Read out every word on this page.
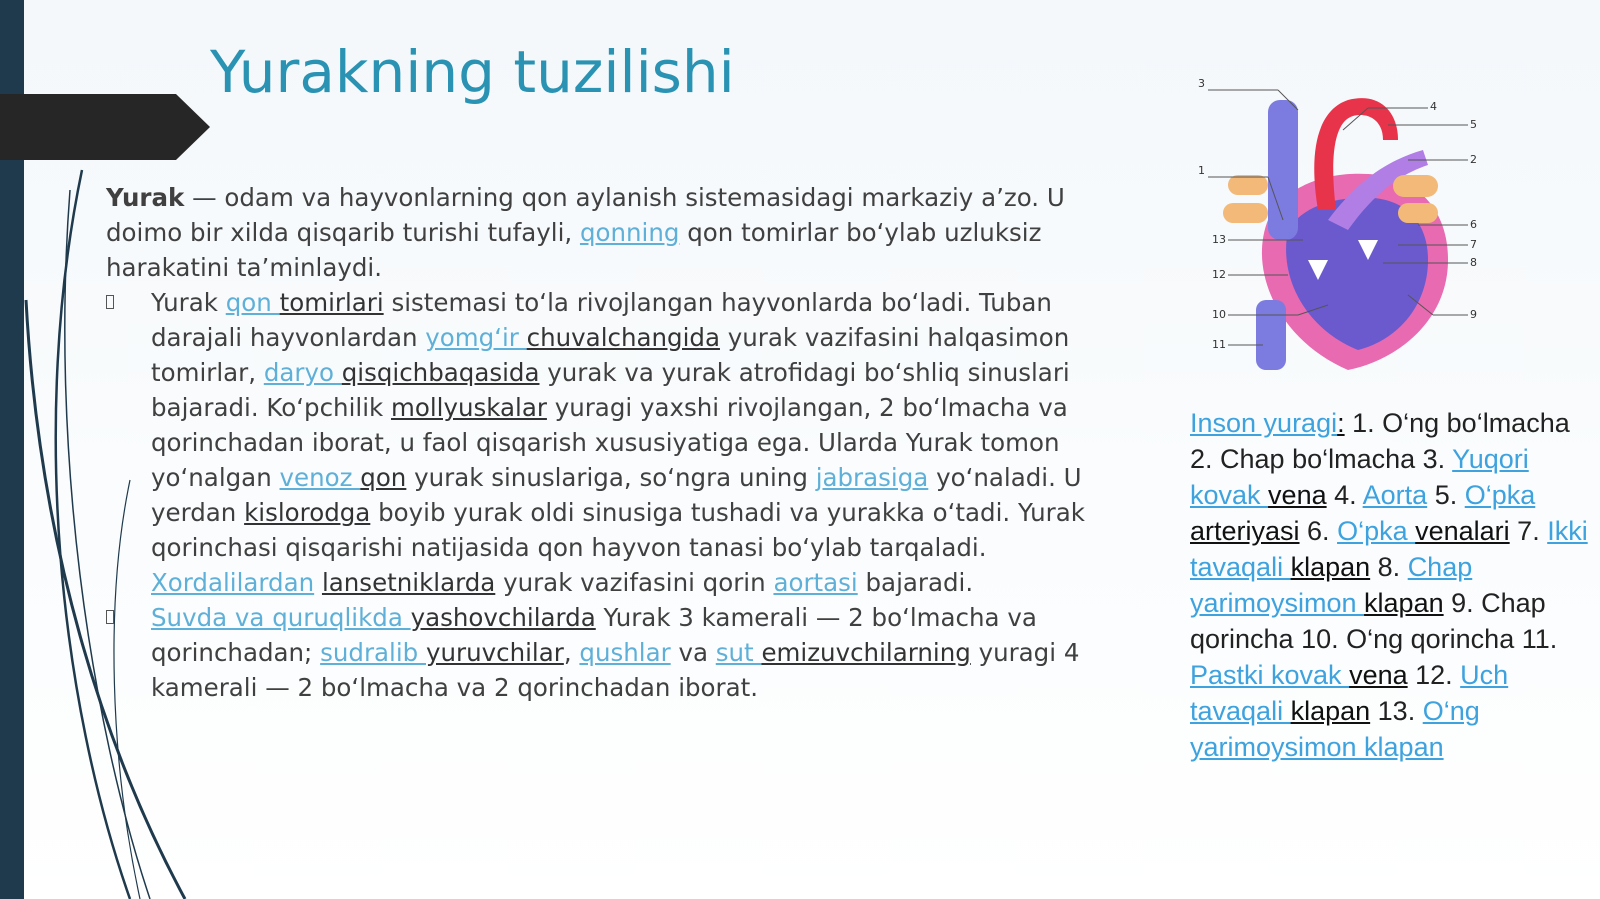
Yurakning tuzilishi

Yurak — odam va hayvonlarning qon aylanish sistemasidagi markaziy a’zo. U doimo bir xilda qisqarib turishi tufayli, qonning qon tomirlar bo‘ylab uzluksiz harakatini ta’minlaydi.

Yurak qon tomirlari sistemasi to‘la rivojlangan hayvonlarda bo‘ladi. Tuban darajali hayvonlardan yomg‘ir chuvalchangida yurak vazifasini halqasimon tomirlar, daryo qisqichbaqasida yurak va yurak atrofidagi bo‘shliq sinuslari bajaradi. Ko‘pchilik mollyuskalar yuragi yaxshi rivojlangan, 2 bo‘lmacha va qorinchadan iborat, u faol qisqarish xususiyatiga ega. Ularda Yurak tomon yo‘nalgan venoz qon yurak sinuslariga, so‘ngra uning jabrasiga yo‘naladi. U yerdan kislorodga boyib yurak oldi sinusiga tushadi va yurakka o‘tadi. Yurak qorinchasi qisqarishi natijasida qon hayvon tanasi bo‘ylab tarqaladi. Xordalilardan lansetniklarda yurak vazifasini qorin aortasi bajaradi.

Suvda va quruqlikda yashovchilarda Yurak 3 kamerali — 2 bo‘lmacha va qorinchadan; sudralib yuruvchilar, qushlar va sut emizuvchilarning yuragi 4 kamerali — 2 bo‘lmacha va 2 qorinchadan iborat.

3
4
5
2
1
6
7
8
13
12
9
10
11
Inson yuragi: 1. O‘ng bo‘lmacha 2. Chap bo‘lmacha 3. Yuqori kovak vena 4. Aorta 5. O‘pka arteriyasi 6. O‘pka venalari 7. Ikki tavaqali klapan 8. Chap yarimoysimon klapan 9. Chap qorincha 10. O‘ng qorincha 11. Pastki kovak vena 12. Uch tavaqali klapan 13. O‘ng yarimoysimon klapan
